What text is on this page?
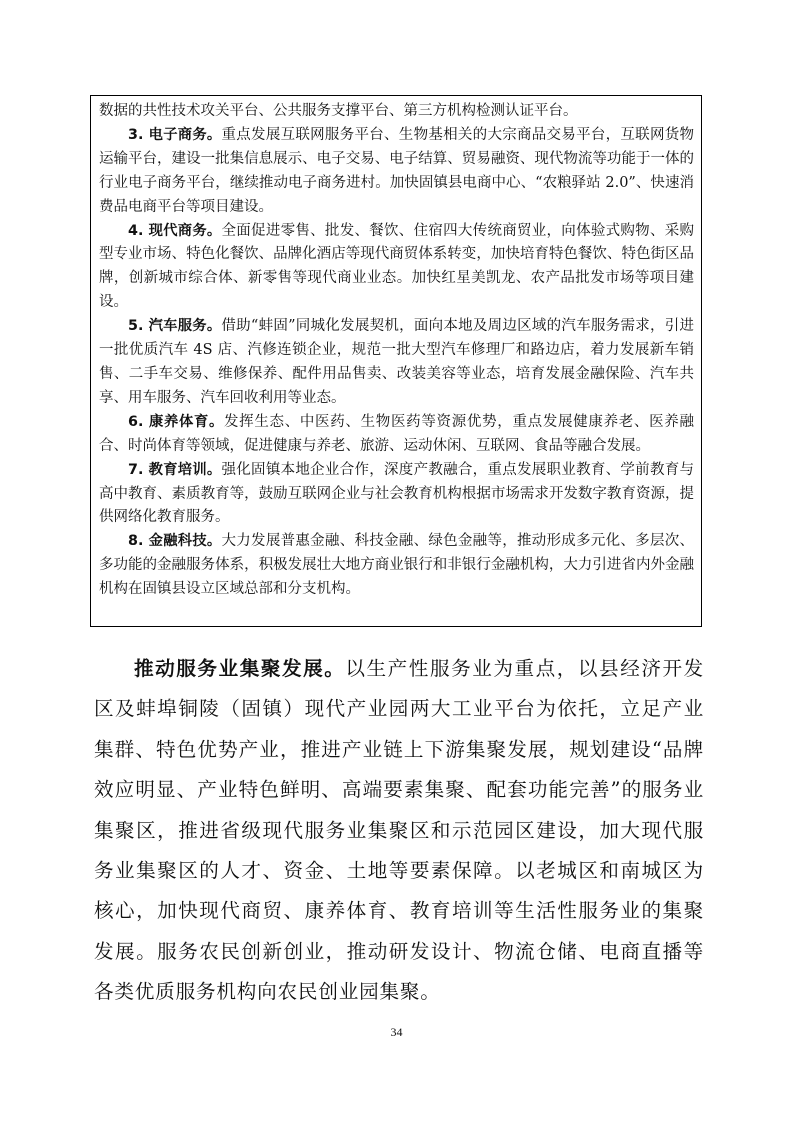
数据的共性技术攻关平台、公共服务支撑平台、第三方机构检测认证平台。

3. 电子商务。重点发展互联网服务平台、生物基相关的大宗商品交易平台，互联网货物运输平台，建设一批集信息展示、电子交易、电子结算、贸易融资、现代物流等功能于一体的行业电子商务平台，继续推动电子商务进村。加快固镇县电商中心、“农粮驿站 2.0”、快速消费品电商平台等项目建设。

4. 现代商务。全面促进零售、批发、餐饮、住宿四大传统商贸业，向体验式购物、采购型专业市场、特色化餐饮、品牌化酒店等现代商贸体系转变，加快培育特色餐饮、特色街区品牌，创新城市综合体、新零售等现代商业业态。加快红星美凯龙、农产品批发市场等项目建设。

5. 汽车服务。借助“蚌固”同城化发展契机，面向本地及周边区域的汽车服务需求，引进一批优质汽车 4S 店、汽修连锁企业，规范一批大型汽车修理厂和路边店，着力发展新车销售、二手车交易、维修保养、配件用品售卖、改装美容等业态，培育发展金融保险、汽车共享、用车服务、汽车回收利用等业态。

6. 康养体育。发挥生态、中医药、生物医药等资源优势，重点发展健康养老、医养融合、时尚体育等领域，促进健康与养老、旅游、运动休闲、互联网、食品等融合发展。

7. 教育培训。强化固镇本地企业合作，深度产教融合，重点发展职业教育、学前教育与高中教育、素质教育等，鼓励互联网企业与社会教育机构根据市场需求开发数字教育资源，提供网络化教育服务。

8. 金融科技。大力发展普惠金融、科技金融、绿色金融等，推动形成多元化、多层次、多功能的金融服务体系，积极发展壮大地方商业银行和非银行金融机构，大力引进省内外金融机构在固镇县设立区域总部和分支机构。

推动服务业集聚发展。以生产性服务业为重点，以县经济开发区及蚌埠铜陵（固镇）现代产业园两大工业平台为依托，立足产业集群、特色优势产业，推进产业链上下游集聚发展，规划建设“品牌效应明显、产业特色鲜明、高端要素集聚、配套功能完善”的服务业集聚区，推进省级现代服务业集聚区和示范园区建设，加大现代服务业集聚区的人才、资金、土地等要素保障。以老城区和南城区为核心，加快现代商贸、康养体育、教育培训等生活性服务业的集聚发展。服务农民创新创业，推动研发设计、物流仓储、电商直播等各类优质服务机构向农民创业园集聚。

34
